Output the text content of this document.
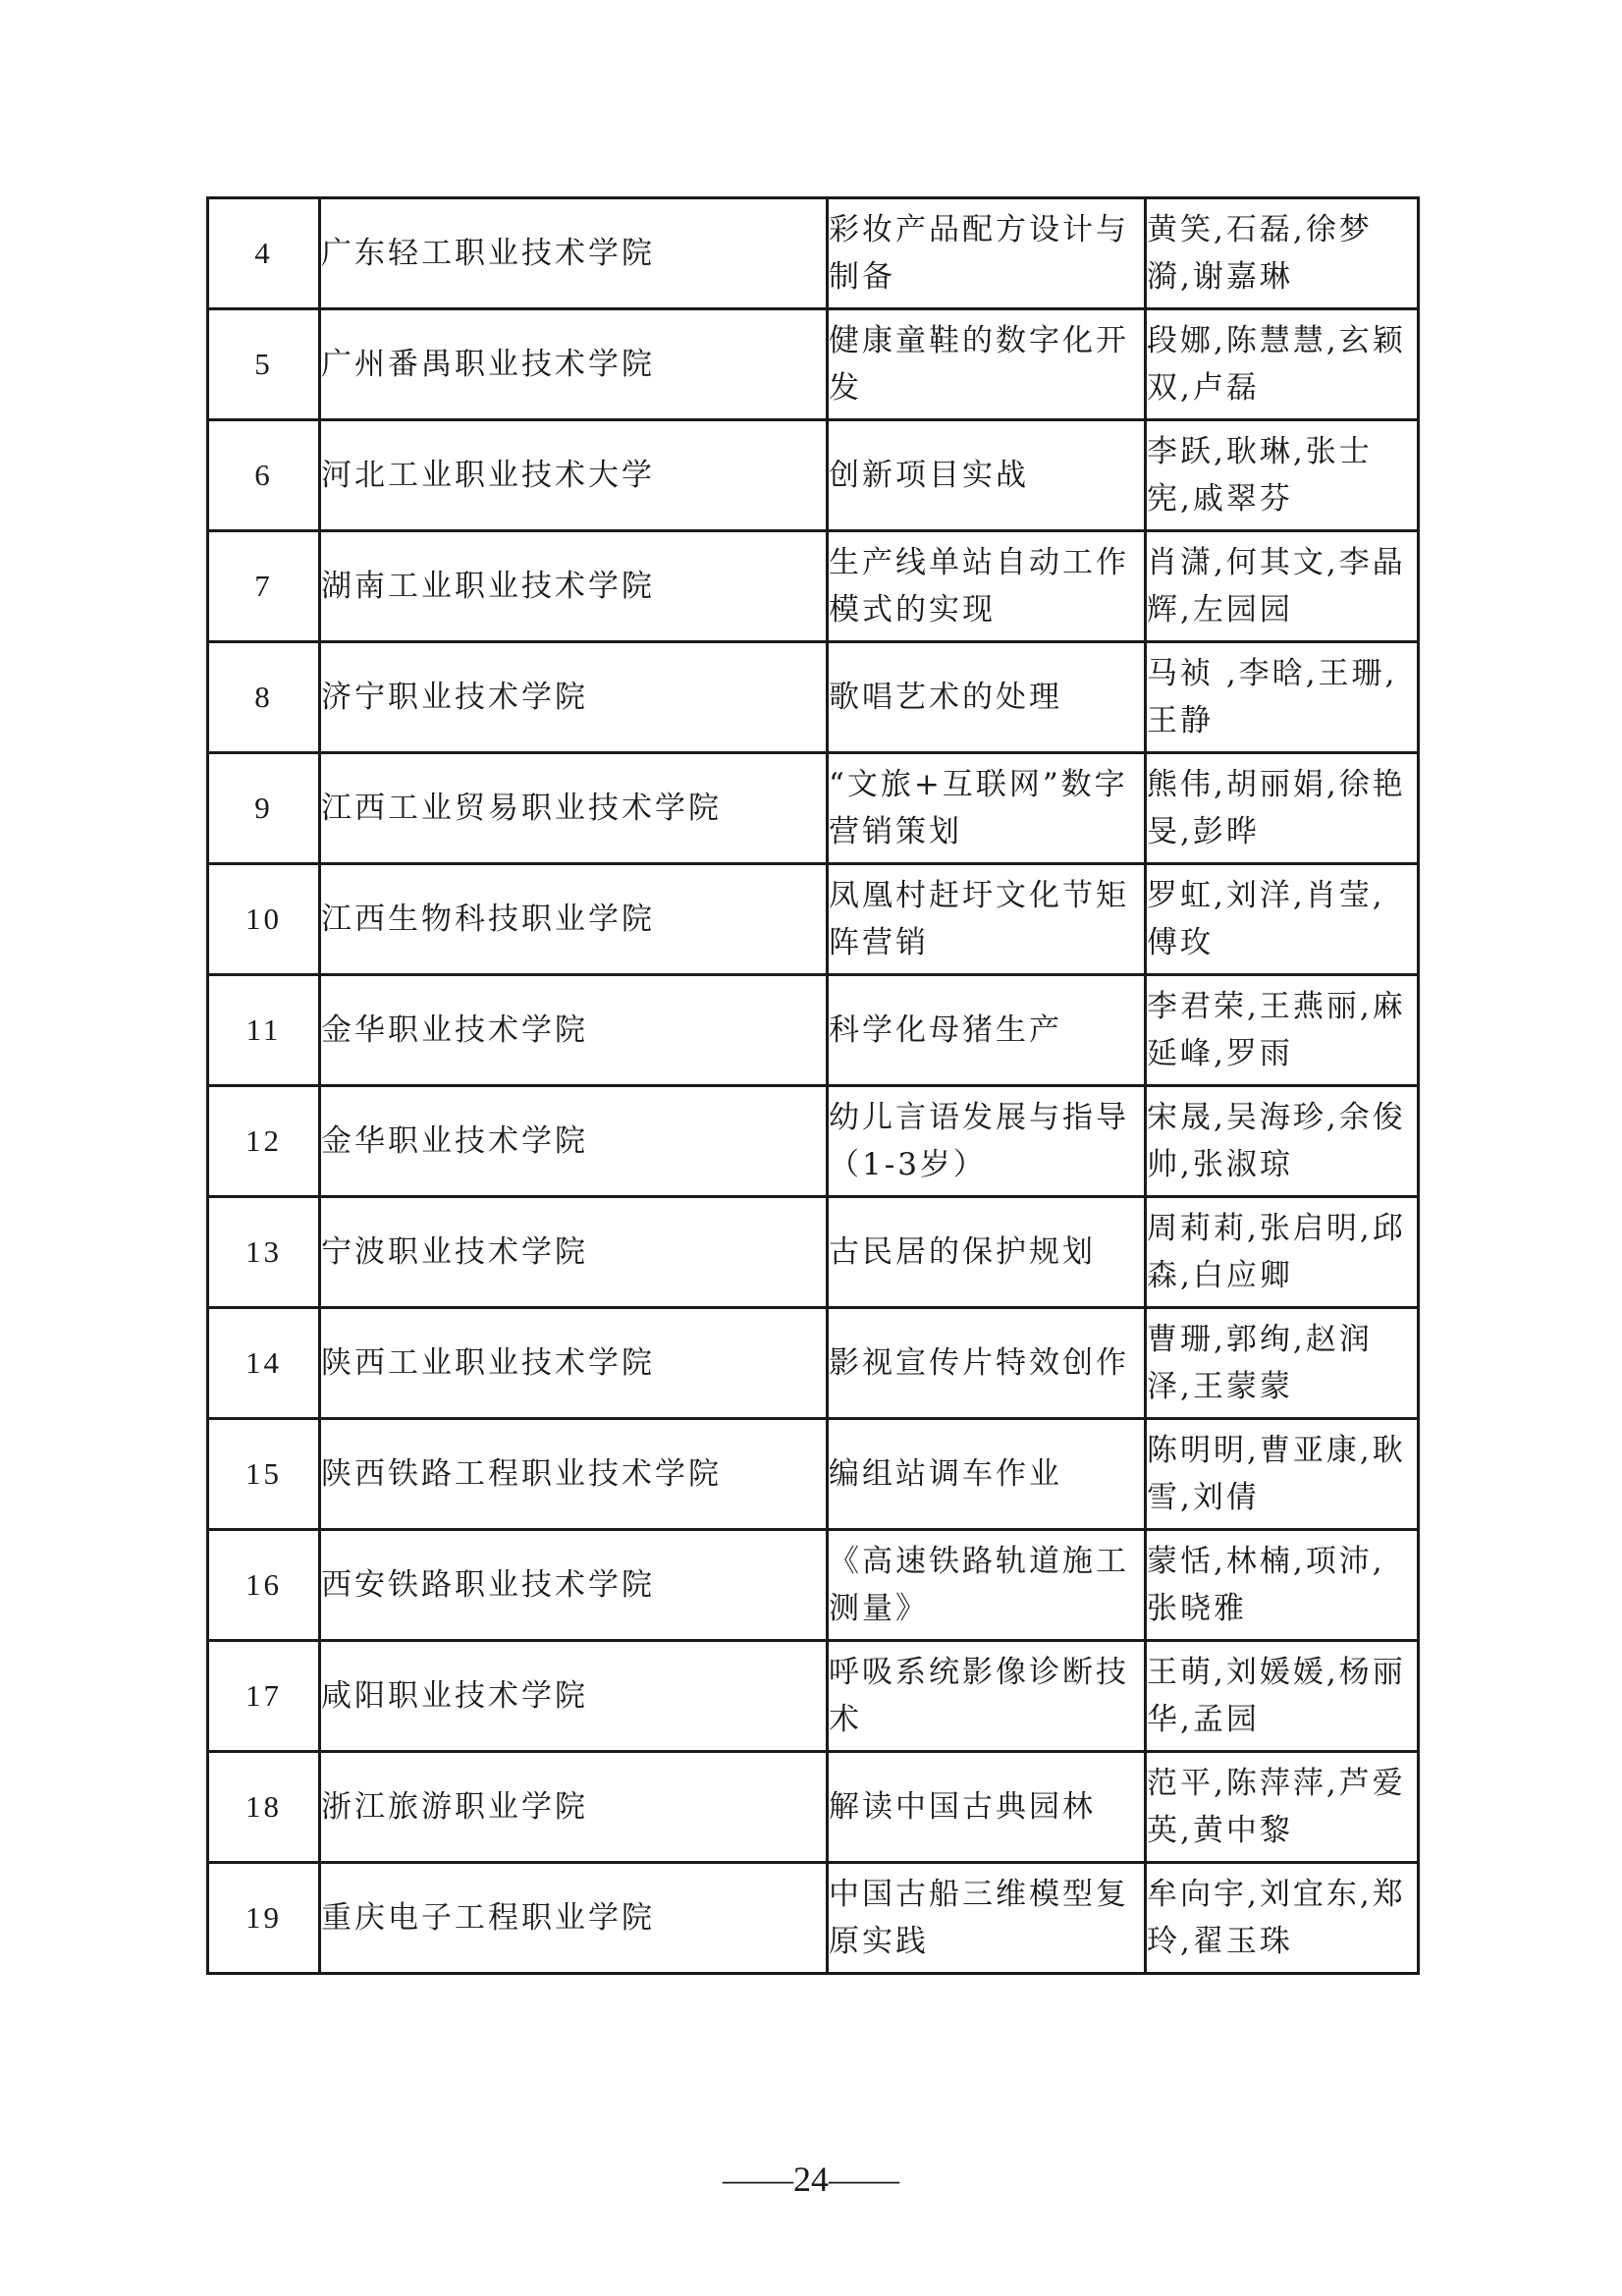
4	广东轻工职业技术学院	彩妆产品配方设计与制备	黄笑,石磊,徐梦漪,谢嘉琳

5	广州番禺职业技术学院	健康童鞋的数字化开发	段娜,陈慧慧,玄颖双,卢磊

6	河北工业职业技术大学	创新项目实战	李跃,耿琳,张士宪,戚翠芬

7	湖南工业职业技术学院	生产线单站自动工作模式的实现	肖潇,何其文,李晶辉,左园园

8	济宁职业技术学院	歌唱艺术的处理	马祯 ,李晗,王珊,王静

9	江西工业贸易职业技术学院	“文旅+互联网”数字营销策划	熊伟,胡丽娟,徐艳旻,彭晔

10	江西生物科技职业学院	凤凰村赶圩文化节矩阵营销	罗虹,刘洋,肖莹,傅玫

11	金华职业技术学院	科学化母猪生产	李君荣,王燕丽,麻延峰,罗雨

12	金华职业技术学院	幼儿言语发展与指导（1-3岁）	宋晟,吴海珍,余俊帅,张淑琼

13	宁波职业技术学院	古民居的保护规划	周莉莉,张启明,邱森,白应卿

14	陕西工业职业技术学院	影视宣传片特效创作	曹珊,郭绚,赵润泽,王蒙蒙

15	陕西铁路工程职业技术学院	编组站调车作业	陈明明,曹亚康,耿雪,刘倩

16	西安铁路职业技术学院	《高速铁路轨道施工测量》	蒙恬,林楠,项沛,张晓雅

17	咸阳职业技术学院	呼吸系统影像诊断技术	王萌,刘媛媛,杨丽华,孟园

18	浙江旅游职业学院	解读中国古典园林	范平,陈萍萍,芦爱英,黄中黎

19	重庆电子工程职业学院	中国古船三维模型复原实践	牟向宇,刘宜东,郑玲,翟玉珠
——24——
